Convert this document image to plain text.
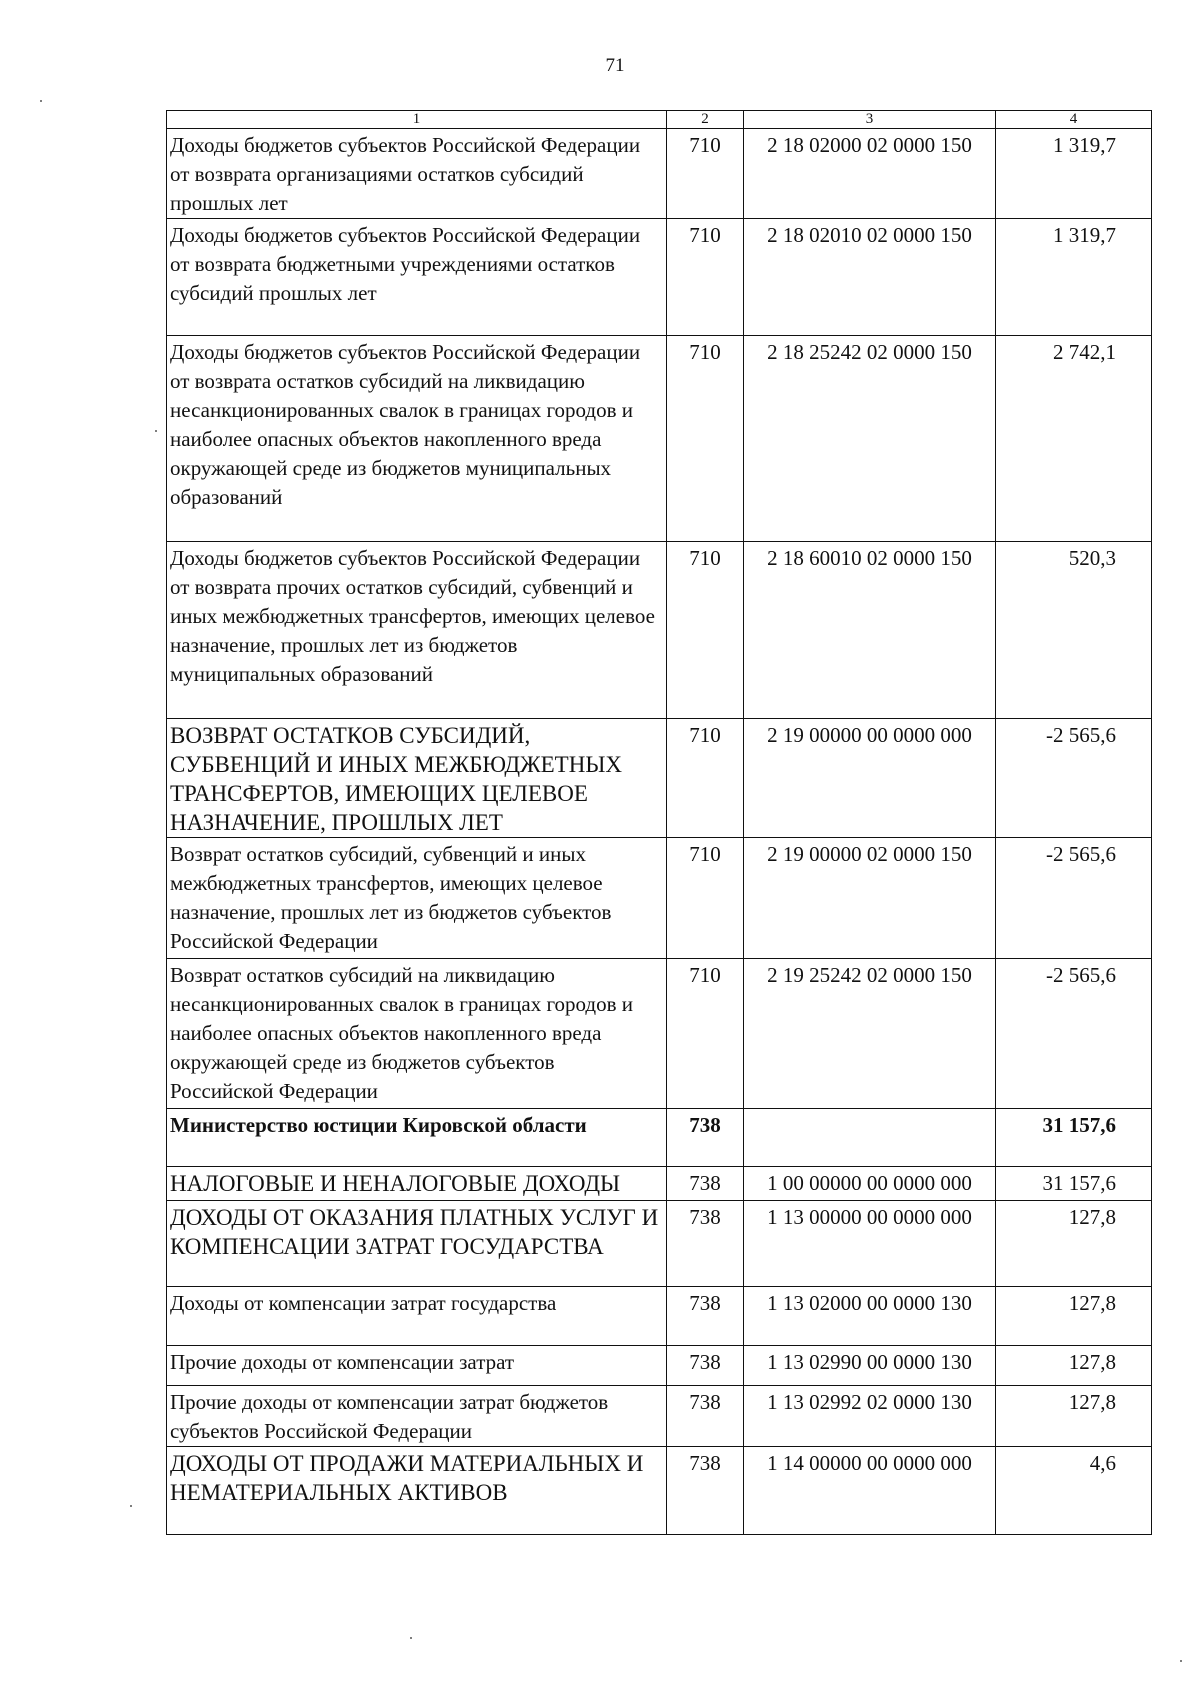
71
1	2	3	4
Доходы бюджетов субъектов Российской Федерации от возврата организациями остатков субсидий прошлых лет	710	2 18 02000 02 0000 150	1 319,7
Доходы бюджетов субъектов Российской Федерации от возврата бюджетными учреждениями остатков субсидий прошлых лет	710	2 18 02010 02 0000 150	1 319,7
Доходы бюджетов субъектов Российской Федерации от возврата остатков субсидий на ликвидацию несанкционированных свалок в границах городов и наиболее опасных объектов накопленного вреда окружающей среде из бюджетов муниципальных образований	710	2 18 25242 02 0000 150	2 742,1
Доходы бюджетов субъектов Российской Федерации от возврата прочих остатков субсидий, субвенций и иных межбюджетных трансфертов, имеющих целевое назначение, прошлых лет из бюджетов муниципальных образований	710	2 18 60010 02 0000 150	520,3
ВОЗВРАТ ОСТАТКОВ СУБСИДИЙ, СУБВЕНЦИЙ И ИНЫХ МЕЖБЮДЖЕТНЫХ ТРАНСФЕРТОВ, ИМЕЮЩИХ ЦЕЛЕВОЕ НАЗНАЧЕНИЕ, ПРОШЛЫХ ЛЕТ	710	2 19 00000 00 0000 000	-2 565,6
Возврат остатков субсидий, субвенций и иных межбюджетных трансфертов, имеющих целевое назначение, прошлых лет из бюджетов субъектов Российской Федерации	710	2 19 00000 02 0000 150	-2 565,6
Возврат остатков субсидий на ликвидацию несанкционированных свалок в границах городов и наиболее опасных объектов накопленного вреда окружающей среде из бюджетов субъектов Российской Федерации	710	2 19 25242 02 0000 150	-2 565,6
Министерство юстиции Кировской области	738		31 157,6
НАЛОГОВЫЕ И НЕНАЛОГОВЫЕ ДОХОДЫ	738	1 00 00000 00 0000 000	31 157,6
ДОХОДЫ ОТ ОКАЗАНИЯ ПЛАТНЫХ УСЛУГ И КОМПЕНСАЦИИ ЗАТРАТ ГОСУДАРСТВА	738	1 13 00000 00 0000 000	127,8
Доходы от компенсации затрат государства	738	1 13 02000 00 0000 130	127,8
Прочие доходы от компенсации затрат	738	1 13 02990 00 0000 130	127,8
Прочие доходы от компенсации затрат бюджетов субъектов Российской Федерации	738	1 13 02992 02 0000 130	127,8
ДОХОДЫ ОТ ПРОДАЖИ МАТЕРИАЛЬНЫХ И НЕМАТЕРИАЛЬНЫХ АКТИВОВ	738	1 14 00000 00 0000 000	4,6
